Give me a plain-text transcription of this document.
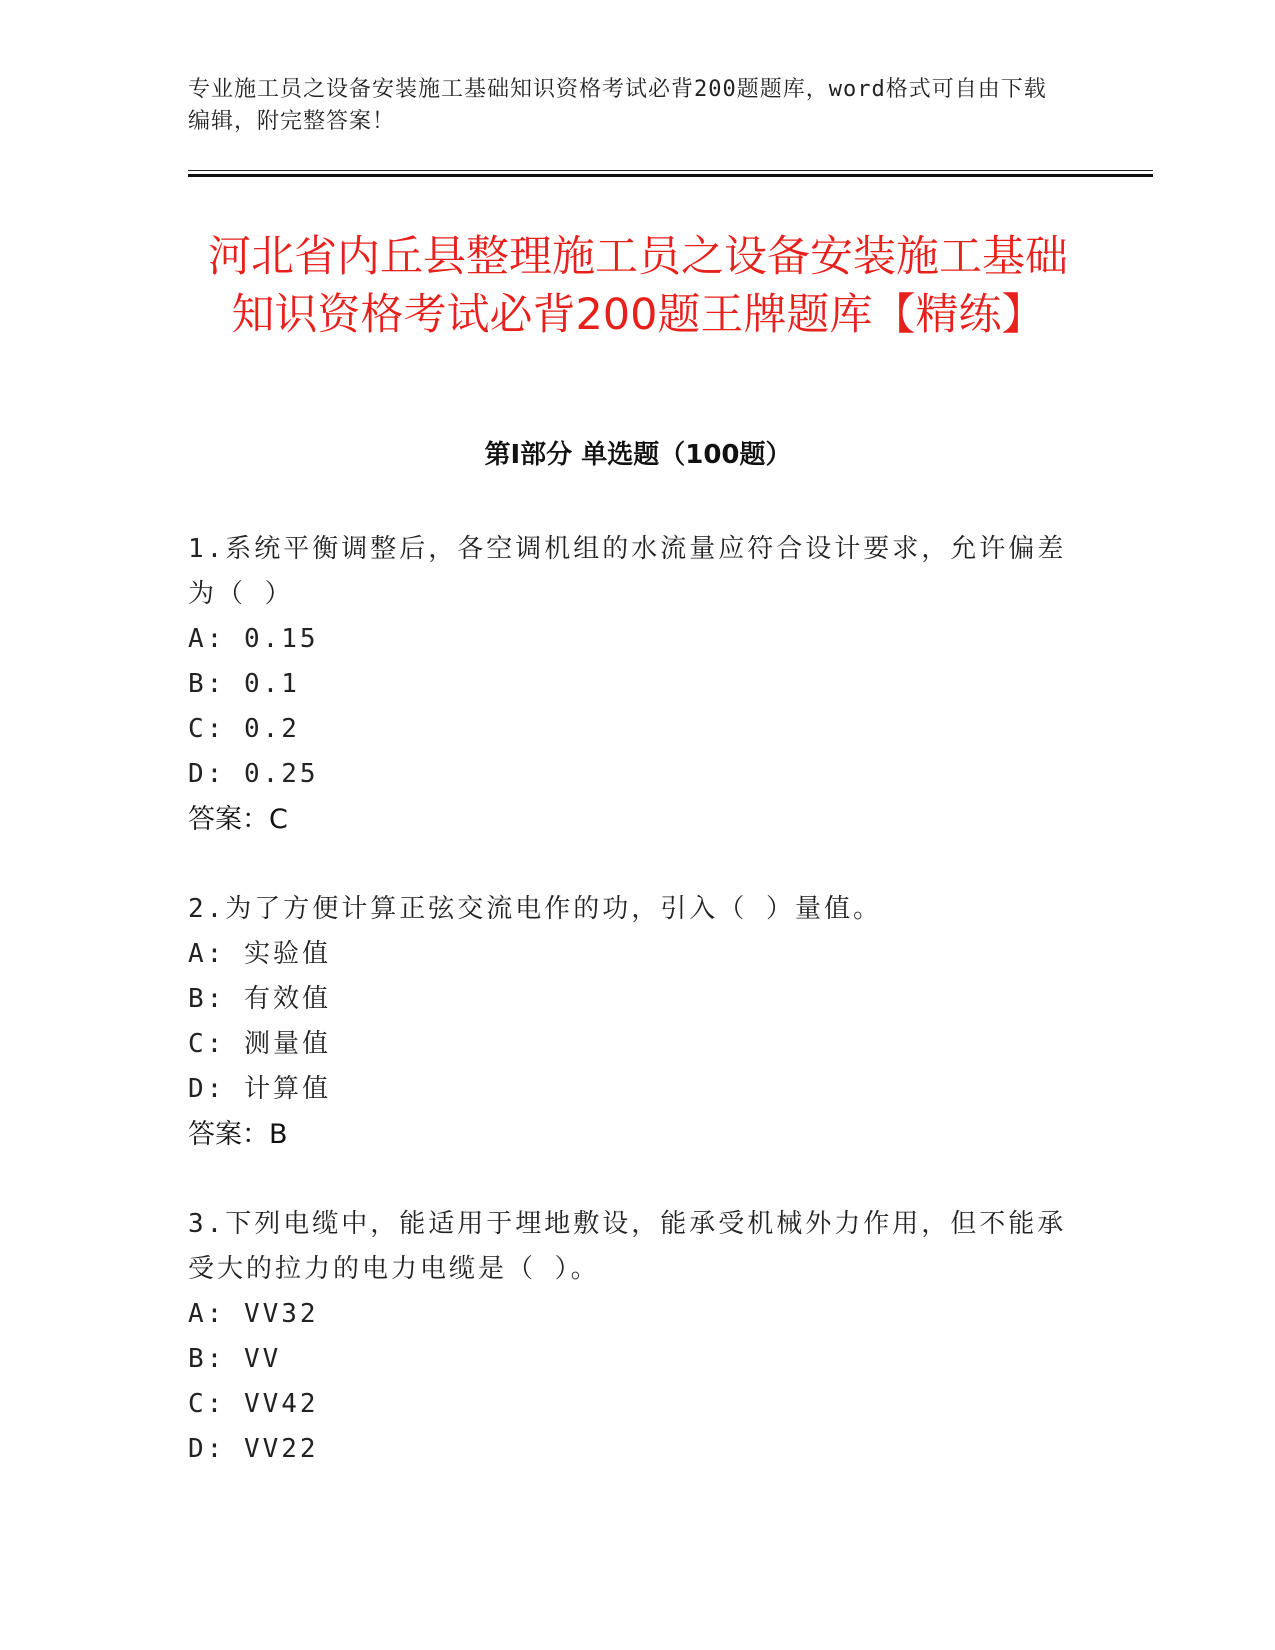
专业施工员之设备安装施工基础知识资格考试必背200题题库，word格式可自由下载编辑，附完整答案！
河北省内丘县整理施工员之设备安装施工基础知识资格考试必背200题王牌题库【精练】
第Ⅰ部分 单选题（100题）
1.系统平衡调整后，各空调机组的水流量应符合设计要求，允许偏差为（ ）
A: 0.15
B: 0.1
C: 0.2
D: 0.25
答案：C
2.为了方便计算正弦交流电作的功，引入（ ）量值。
A: 实验值
B: 有效值
C: 测量值
D: 计算值
答案：B
3.下列电缆中，能适用于埋地敷设，能承受机械外力作用，但不能承受大的拉力的电力电缆是（ ）。
A: VV32
B: VV
C: VV42
D: VV22
